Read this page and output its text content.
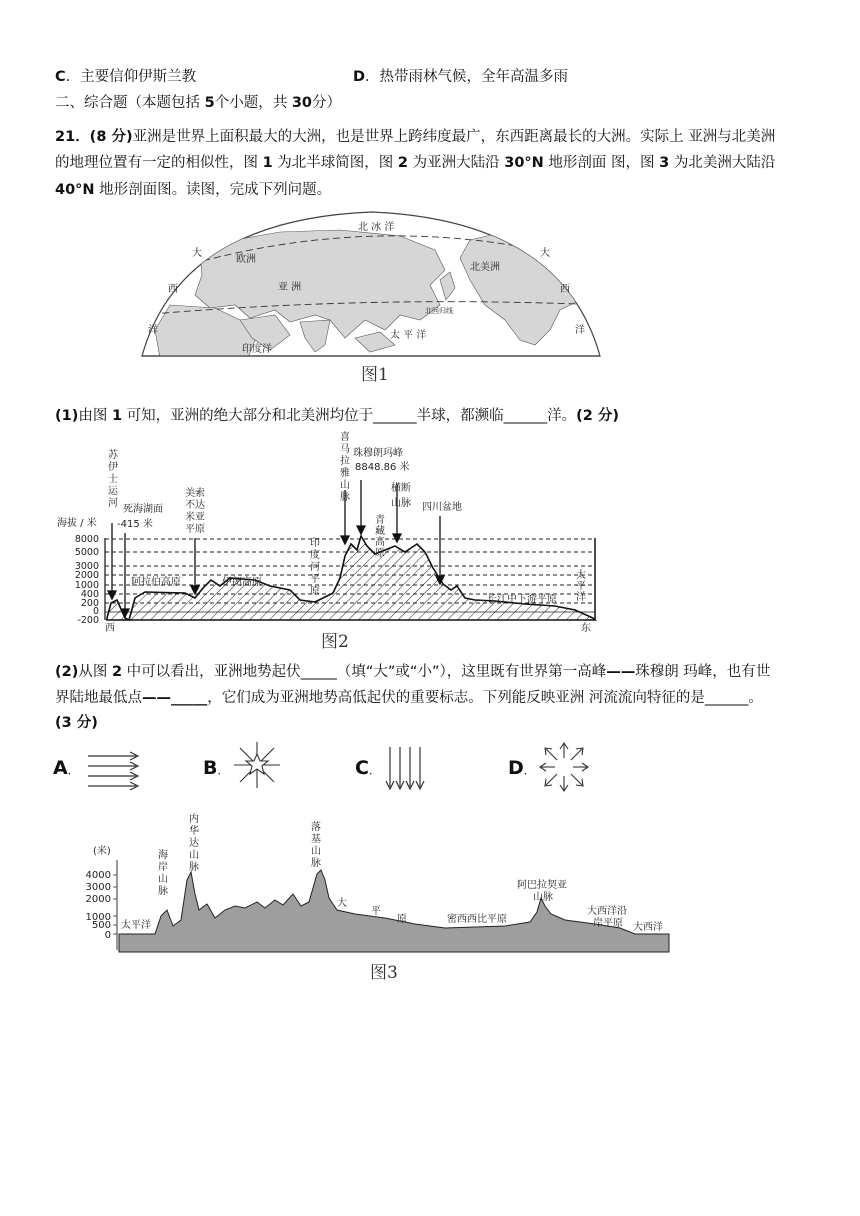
C．主要信仰伊斯兰教	D．热带雨林气候，全年高温多雨
二、综合题（本题包括 5个小题，共 30分）
21．(8 分)亚洲是世界上面积最大的大洲，也是世界上跨纬度最广，东西距离最长的大洲。实际上 亚洲与北美洲
的地理位置有一定的相似性，图 1 为北半球简图，图 2 为亚洲大陆沿 30°N 地形剖面 图，图 3 为北美洲大陆沿
40°N 地形剖面图。读图，完成下列问题。
北 冰 洋
欧洲
亚 洲
北美洲
太 平 洋
印度洋
北回归线
大
西
洋
大
西
洋
图1
(1)由图 1 可知，亚洲的绝大部分和北美洲均位于______半球，都濒临______洋。(2 分)
海拔 / 米
8000
5000
3000
2000
1000
400
200
0
-200
苏
伊
士
运
河
死海湖面
-415 米
美索
不达
米亚
平原
喜
马
拉
雅
山
脉
珠穆朗玛峰
8848.86 米
横断
山脉 四川盆地
阿拉伯高原	伊朗高原
印
度
河
平
原
青
藏
高
原
长江中下游平原
太
平
洋
西	东
图2
(2)从图 2 中可以看出，亚洲地势起伏_____（填“大”或“小”），这里既有世界第一高峰——珠穆朗 玛峰，也有世
界陆地最低点——_____，它们成为亚洲地势高低起伏的重要标志。下列能反映亚洲 河流流向特征的是______。
(3 分)
A．	B．	C．	D．
(米)
4000
3000
2000
1000
500
0
太平洋
海
岸
山
脉
内
华
达
山
脉
落
基
山
脉
大
平
原	密西西比平原
阿巴拉契亚
山脉
大西洋沿
岸平原 大西洋
图3
